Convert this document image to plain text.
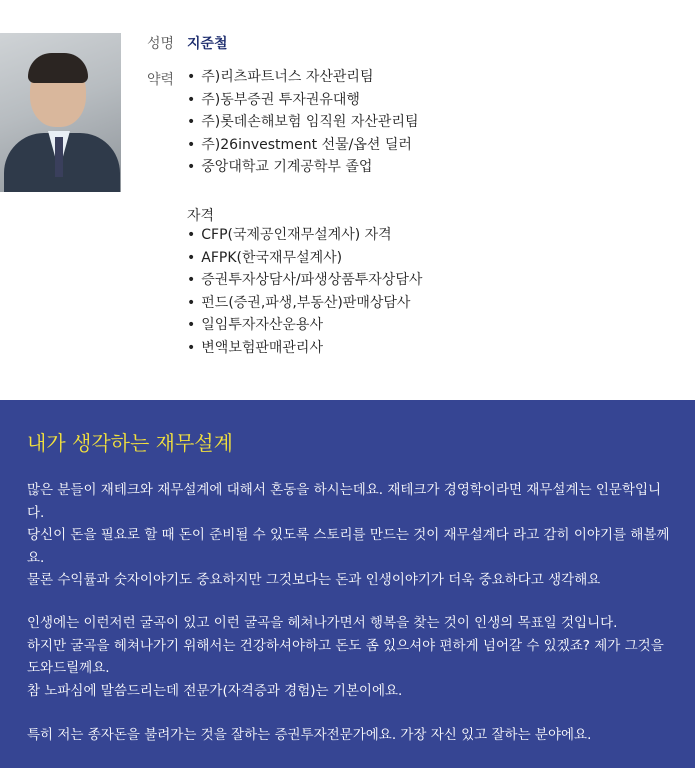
성명 지준철
약력
•	주)리츠파트너스 자산관리팀
• 주)동부증권 투자권유대행
• 주)롯데손해보험 임직원 자산관리팀
• 주)26investment 선물/옵션 딜러
• 중앙대학교 기계공학부 졸업
자격
• CFP(국제공인재무설계사) 자격
• AFPK(한국재무설계사)
• 증권투자상담사/파생상품투자상담사
• 펀드(증권,파생,부동산)판매상담사
• 일임투자자산운용사
• 변액보험판매관리사
내가 생각하는 재무설계

많은 분들이 재테크와 재무설계에 대해서 혼동을 하시는데요. 재테크가 경영학이라면 재무설계는 인문학입니다.

당신이 돈을 필요로 할 때 돈이 준비될 수 있도록 스토리를 만드는 것이 재무설계다 라고 감히 이야기를 해볼께요.

물론 수익률과 숫자이야기도 중요하지만 그것보다는 돈과 인생이야기가 더욱 중요하다고 생각해요

인생에는 이런저런 굴곡이 있고 이런 굴곡을 헤쳐나가면서 행복을 찾는 것이 인생의 목표일 것입니다.

하지만 굴곡을 헤쳐나가기 위해서는 건강하셔야하고 돈도 좀 있으셔야 편하게 넘어갈 수 있겠죠? 제가 그것을 도와드릴께요.

참 노파심에 말씀드리는데 전문가(자격증과 경험)는 기본이에요.

특히 저는 종자돈을 불려가는 것을 잘하는 증권투자전문가에요. 가장 자신 있고 잘하는 분야에요.
